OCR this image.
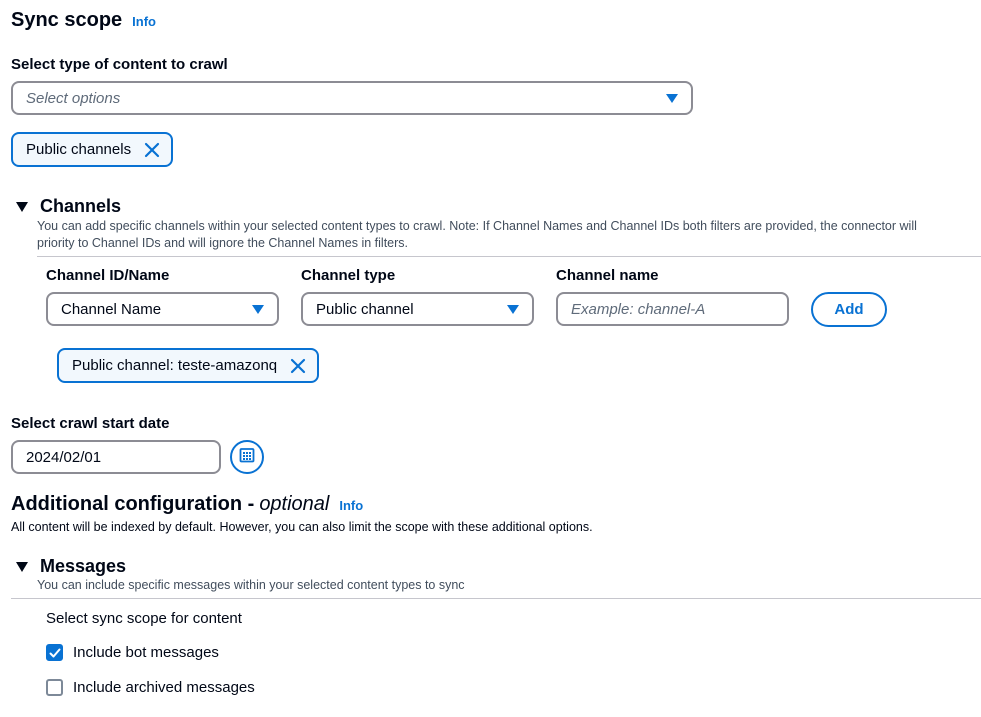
Sync scope Info
Select type of content to crawl
Select options
Public channels
Channels
You can add specific channels within your selected content types to crawl. Note: If Channel Names and Channel IDs both filters are provided, the connector will
priority to Channel IDs and will ignore the Channel Names in filters.
Channel ID/Name	Channel type	Channel name
Channel Name	Public channel	Example: channel-A	Add
Public channel: teste-amazonq
Select crawl start date
2024/02/01
Additional configuration - optional Info
All content will be indexed by default. However, you can also limit the scope with these additional options.
Messages
You can include specific messages within your selected content types to sync
Select sync scope for content
Include bot messages
Include archived messages
